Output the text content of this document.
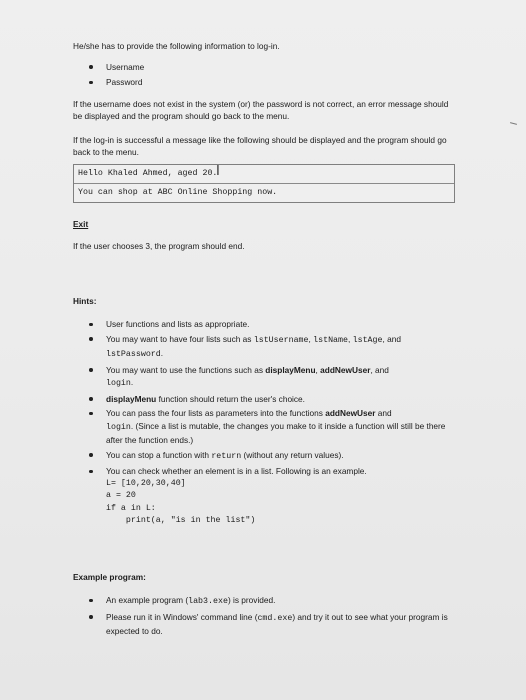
He/she has to provide the following information to log-in.

Username
Password

If the username does not exist in the system (or) the password is not correct, an error message should be displayed and the program should go back to the menu.

If the log-in is successful a message like the following should be displayed and the program should go back to the menu.

Hello Khaled Ahmed, aged 20.
You can shop at ABC Online Shopping now.

Exit

If the user chooses 3, the program should end.

Hints:

User functions and lists as appropriate.
You may want to have four lists such as lstUsername, lstName, lstAge, and
lstPassword.
You may want to use the functions such as displayMenu, addNewUser, and
login.
displayMenu function should return the user's choice.
You can pass the four lists as parameters into the functions addNewUser and
login. (Since a list is mutable, the changes you make to it inside a function will still be there after the function ends.)
You can stop a function with return (without any return values).
You can check whether an element is in a list. Following is an example.
L= [10,20,30,40]
a = 20
if a in L:
print(a, "is in the list")

Example program:

An example program (lab3.exe) is provided.
Please run it in Windows' command line (cmd.exe) and try it out to see what your program is expected to do.
I
